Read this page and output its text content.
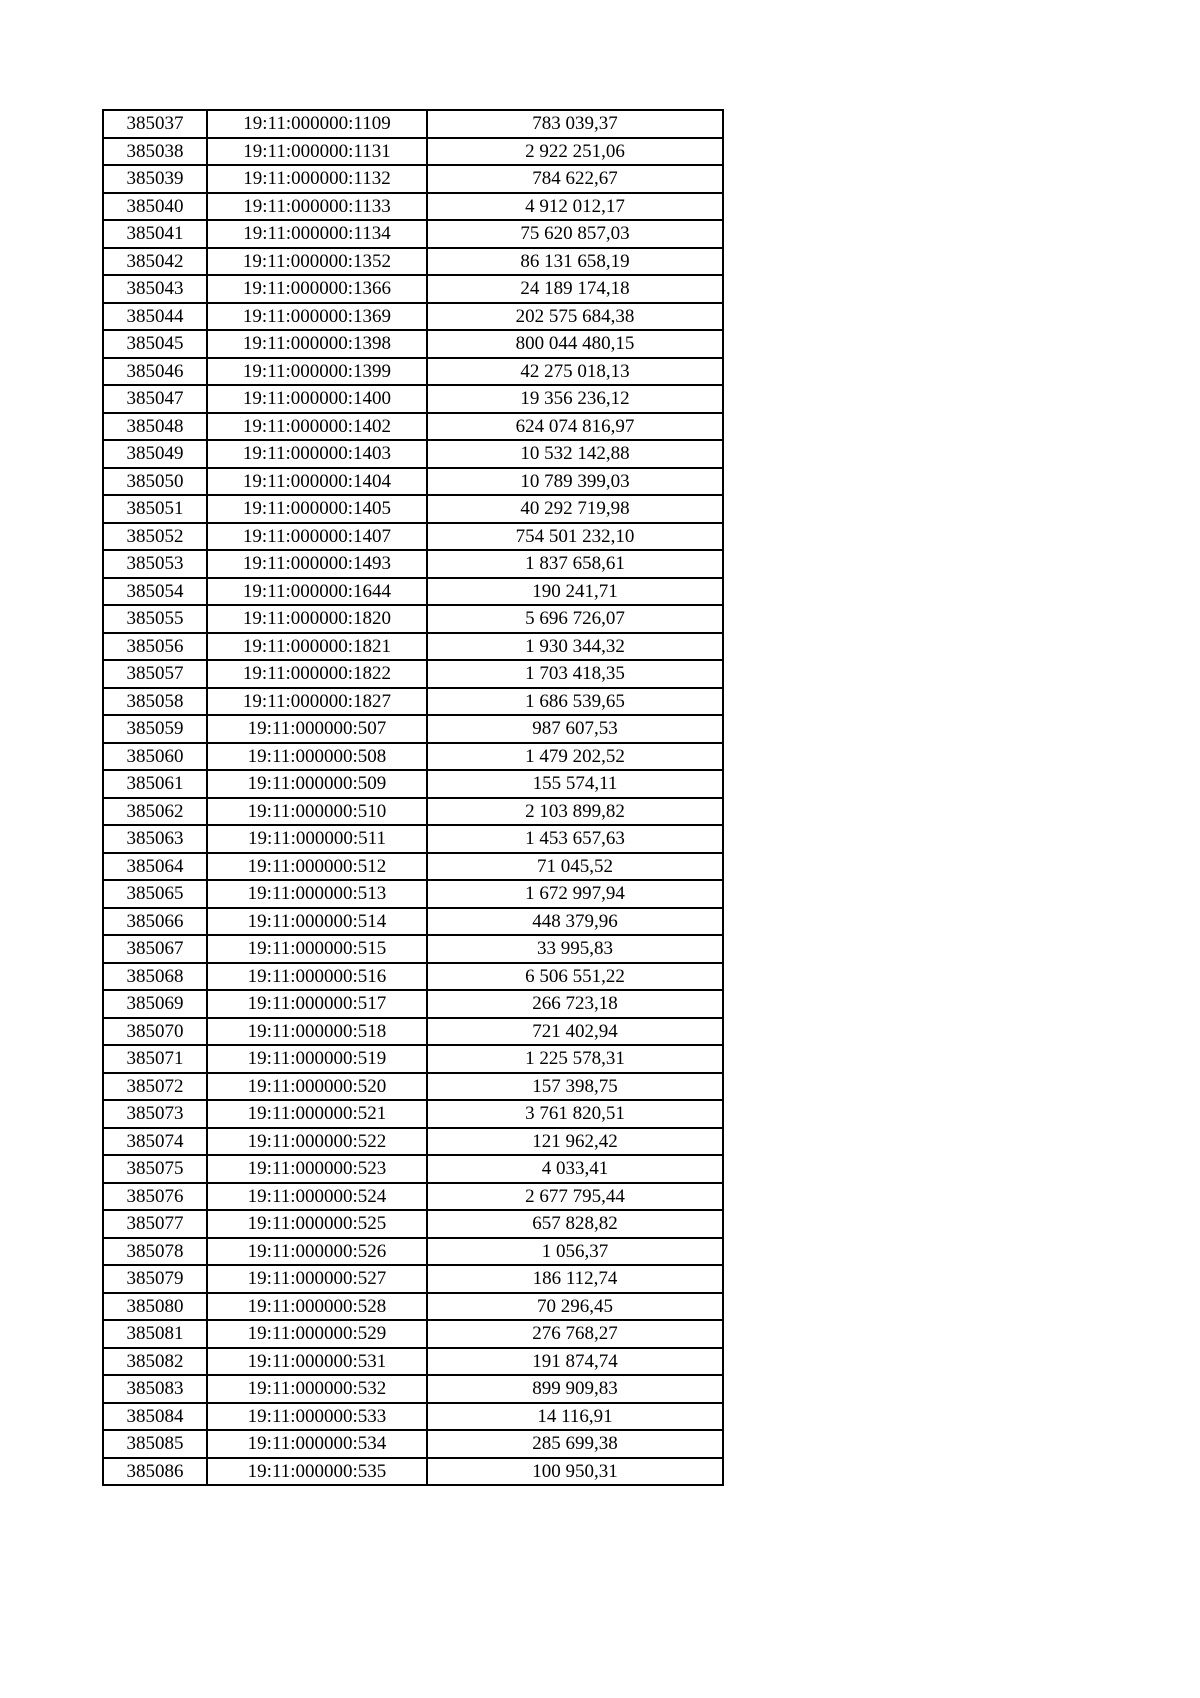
385037	19:11:000000:1109	783 039,37
385038	19:11:000000:1131	2 922 251,06
385039	19:11:000000:1132	784 622,67
385040	19:11:000000:1133	4 912 012,17
385041	19:11:000000:1134	75 620 857,03
385042	19:11:000000:1352	86 131 658,19
385043	19:11:000000:1366	24 189 174,18
385044	19:11:000000:1369	202 575 684,38
385045	19:11:000000:1398	800 044 480,15
385046	19:11:000000:1399	42 275 018,13
385047	19:11:000000:1400	19 356 236,12
385048	19:11:000000:1402	624 074 816,97
385049	19:11:000000:1403	10 532 142,88
385050	19:11:000000:1404	10 789 399,03
385051	19:11:000000:1405	40 292 719,98
385052	19:11:000000:1407	754 501 232,10
385053	19:11:000000:1493	1 837 658,61
385054	19:11:000000:1644	190 241,71
385055	19:11:000000:1820	5 696 726,07
385056	19:11:000000:1821	1 930 344,32
385057	19:11:000000:1822	1 703 418,35
385058	19:11:000000:1827	1 686 539,65
385059	19:11:000000:507	987 607,53
385060	19:11:000000:508	1 479 202,52
385061	19:11:000000:509	155 574,11
385062	19:11:000000:510	2 103 899,82
385063	19:11:000000:511	1 453 657,63
385064	19:11:000000:512	71 045,52
385065	19:11:000000:513	1 672 997,94
385066	19:11:000000:514	448 379,96
385067	19:11:000000:515	33 995,83
385068	19:11:000000:516	6 506 551,22
385069	19:11:000000:517	266 723,18
385070	19:11:000000:518	721 402,94
385071	19:11:000000:519	1 225 578,31
385072	19:11:000000:520	157 398,75
385073	19:11:000000:521	3 761 820,51
385074	19:11:000000:522	121 962,42
385075	19:11:000000:523	4 033,41
385076	19:11:000000:524	2 677 795,44
385077	19:11:000000:525	657 828,82
385078	19:11:000000:526	1 056,37
385079	19:11:000000:527	186 112,74
385080	19:11:000000:528	70 296,45
385081	19:11:000000:529	276 768,27
385082	19:11:000000:531	191 874,74
385083	19:11:000000:532	899 909,83
385084	19:11:000000:533	14 116,91
385085	19:11:000000:534	285 699,38
385086	19:11:000000:535	100 950,31
